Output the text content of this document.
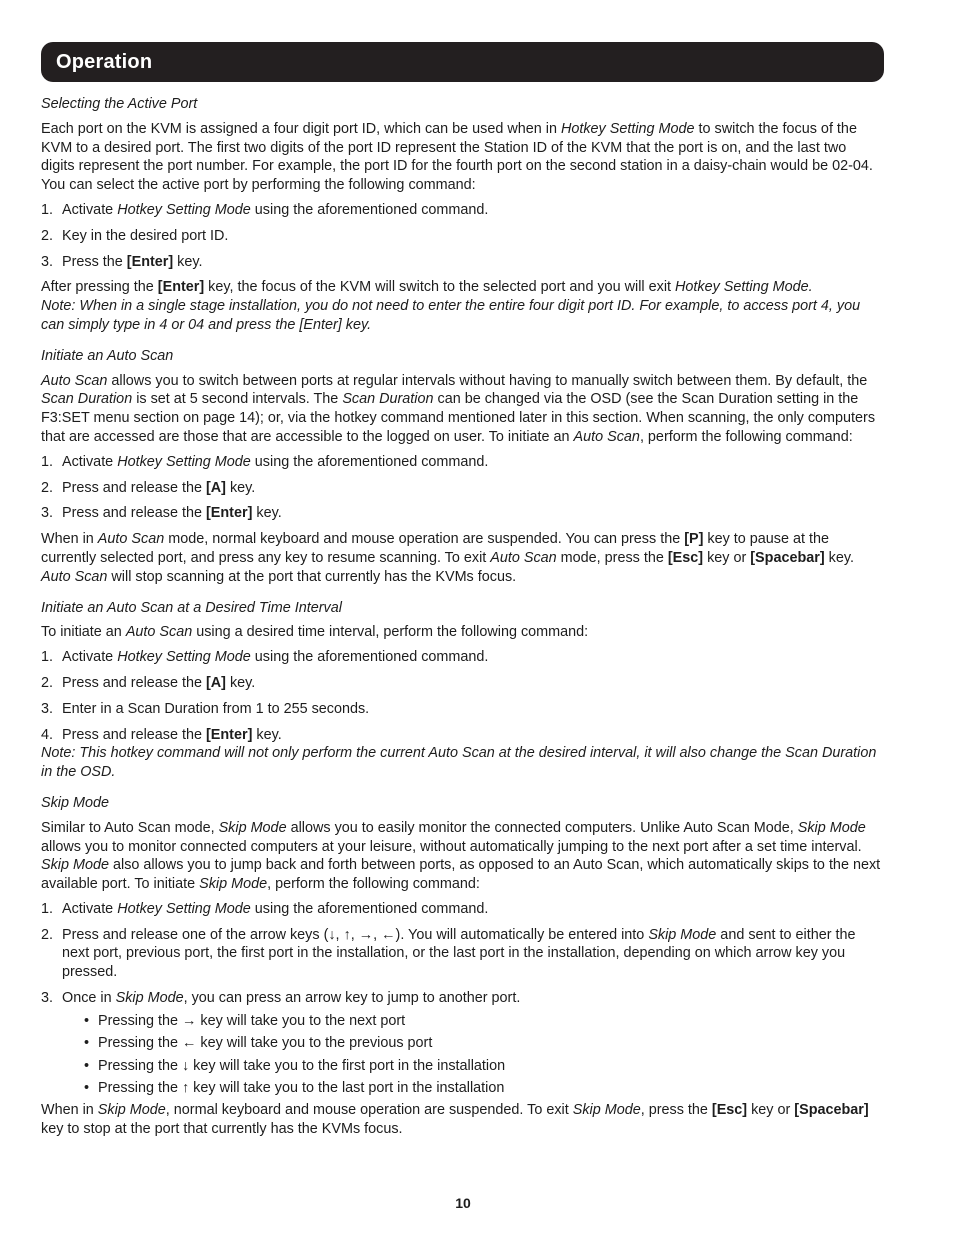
Operation
Selecting the Active Port

Each port on the KVM is assigned a four digit port ID, which can be used when in Hotkey Setting Mode to switch the focus of the KVM to a desired port. The first two digits of the port ID represent the Station ID of the KVM that the port is on, and the last two digits represent the port number. For example, the port ID for the fourth port on the second station in a daisy-chain would be 02-04. You can select the active port by performing the following command:

1. Activate Hotkey Setting Mode using the aforementioned command.
2. Key in the desired port ID.
3. Press the [Enter] key.

After pressing the [Enter] key, the focus of the KVM will switch to the selected port and you will exit Hotkey Setting Mode.
Note: When in a single stage installation, you do not need to enter the entire four digit port ID. For example, to access port 4, you can simply type in 4 or 04 and press the [Enter] key.

Initiate an Auto Scan

Auto Scan allows you to switch between ports at regular intervals without having to manually switch between them. By default, the Scan Duration is set at 5 second intervals. The Scan Duration can be changed via the OSD (see the Scan Duration setting in the F3:SET menu section on page 14); or, via the hotkey command mentioned later in this section. When scanning, the only computers that are accessed are those that are accessible to the logged on user. To initiate an Auto Scan, perform the following command:

1. Activate Hotkey Setting Mode using the aforementioned command.
2. Press and release the [A] key.
3. Press and release the [Enter] key.

When in Auto Scan mode, normal keyboard and mouse operation are suspended. You can press the [P] key to pause at the currently selected port, and press any key to resume scanning. To exit Auto Scan mode, press the [Esc] key or [Spacebar] key. Auto Scan will stop scanning at the port that currently has the KVMs focus.

Initiate an Auto Scan at a Desired Time Interval

To initiate an Auto Scan using a desired time interval, perform the following command:

1. Activate Hotkey Setting Mode using the aforementioned command.
2. Press and release the [A] key.
3. Enter in a Scan Duration from 1 to 255 seconds.
4. Press and release the [Enter] key.

Note: This hotkey command will not only perform the current Auto Scan at the desired interval, it will also change the Scan Duration in the OSD.

Skip Mode

Similar to Auto Scan mode, Skip Mode allows you to easily monitor the connected computers. Unlike Auto Scan Mode, Skip Mode allows you to monitor connected computers at your leisure, without automatically jumping to the next port after a set time interval. Skip Mode also allows you to jump back and forth between ports, as opposed to an Auto Scan, which automatically skips to the next available port. To initiate Skip Mode, perform the following command:

1. Activate Hotkey Setting Mode using the aforementioned command.
2. Press and release one of the arrow keys (↓, ↑, →, ←). You will automatically be entered into Skip Mode and sent to either the next port, previous port, the first port in the installation, or the last port in the installation, depending on which arrow key you pressed.
3. Once in Skip Mode, you can press an arrow key to jump to another port.
• Pressing the → key will take you to the next port
• Pressing the ← key will take you to the previous port
• Pressing the ↓ key will take you to the first port in the installation
• Pressing the ↑ key will take you to the last port in the installation

When in Skip Mode, normal keyboard and mouse operation are suspended. To exit Skip Mode, press the [Esc] key or [Spacebar] key to stop at the port that currently has the KVMs focus.

10
